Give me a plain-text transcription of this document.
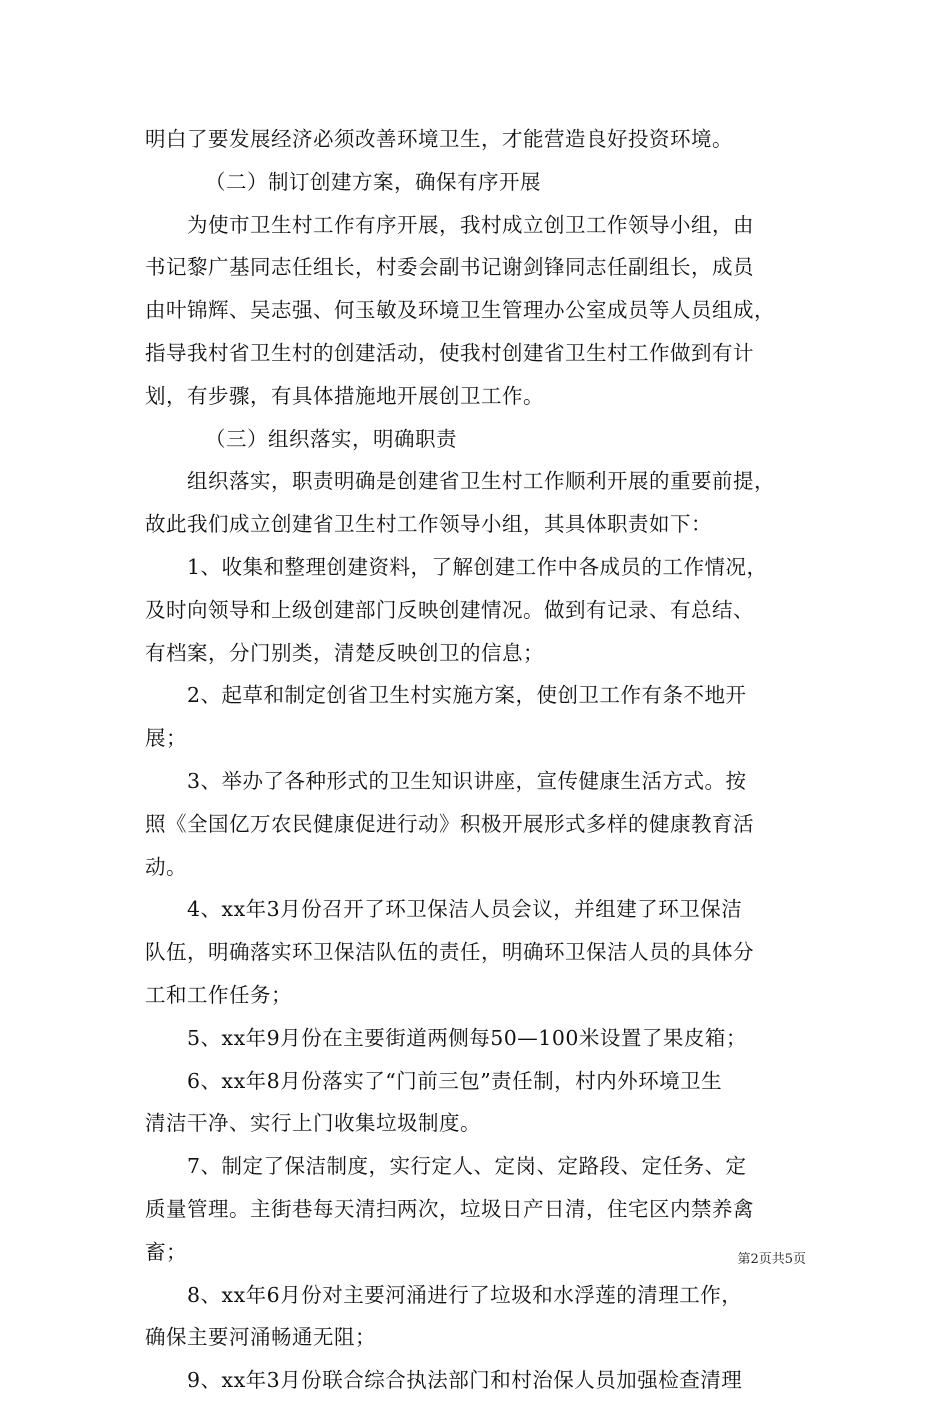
明白了要发展经济必须改善环境卫生，才能营造良好投资环境。
（二）制订创建方案，确保有序开展
为使市卫生村工作有序开展，我村成立创卫工作领导小组，由
书记黎广基同志任组长，村委会副书记谢剑锋同志任副组长，成员
由叶锦辉、吴志强、何玉敏及环境卫生管理办公室成员等人员组成，
指导我村省卫生村的创建活动，使我村创建省卫生村工作做到有计
划，有步骤，有具体措施地开展创卫工作。
（三）组织落实，明确职责
组织落实，职责明确是创建省卫生村工作顺利开展的重要前提，
故此我们成立创建省卫生村工作领导小组，其具体职责如下：
1、收集和整理创建资料，了解创建工作中各成员的工作情况，
及时向领导和上级创建部门反映创建情况。做到有记录、有总结、
有档案，分门别类，清楚反映创卫的信息；
2、起草和制定创省卫生村实施方案，使创卫工作有条不地开
展；
3、举办了各种形式的卫生知识讲座，宣传健康生活方式。按
照《全国亿万农民健康促进行动》积极开展形式多样的健康教育活
动。
4、xx年3月份召开了环卫保洁人员会议，并组建了环卫保洁
队伍，明确落实环卫保洁队伍的责任，明确环卫保洁人员的具体分
工和工作任务；
5、xx年9月份在主要街道两侧每50—100米设置了果皮箱；
6、xx年8月份落实了“门前三包”责任制，村内外环境卫生
清洁干净、实行上门收集垃圾制度。
7、制定了保洁制度，实行定人、定岗、定路段、定任务、定
质量管理。主街巷每天清扫两次，垃圾日产日清，住宅区内禁养禽
畜；
8、xx年6月份对主要河涌进行了垃圾和水浮莲的清理工作，
确保主要河涌畅通无阻；
9、xx年3月份联合综合执法部门和村治保人员加强检查清理
第2页共5页
